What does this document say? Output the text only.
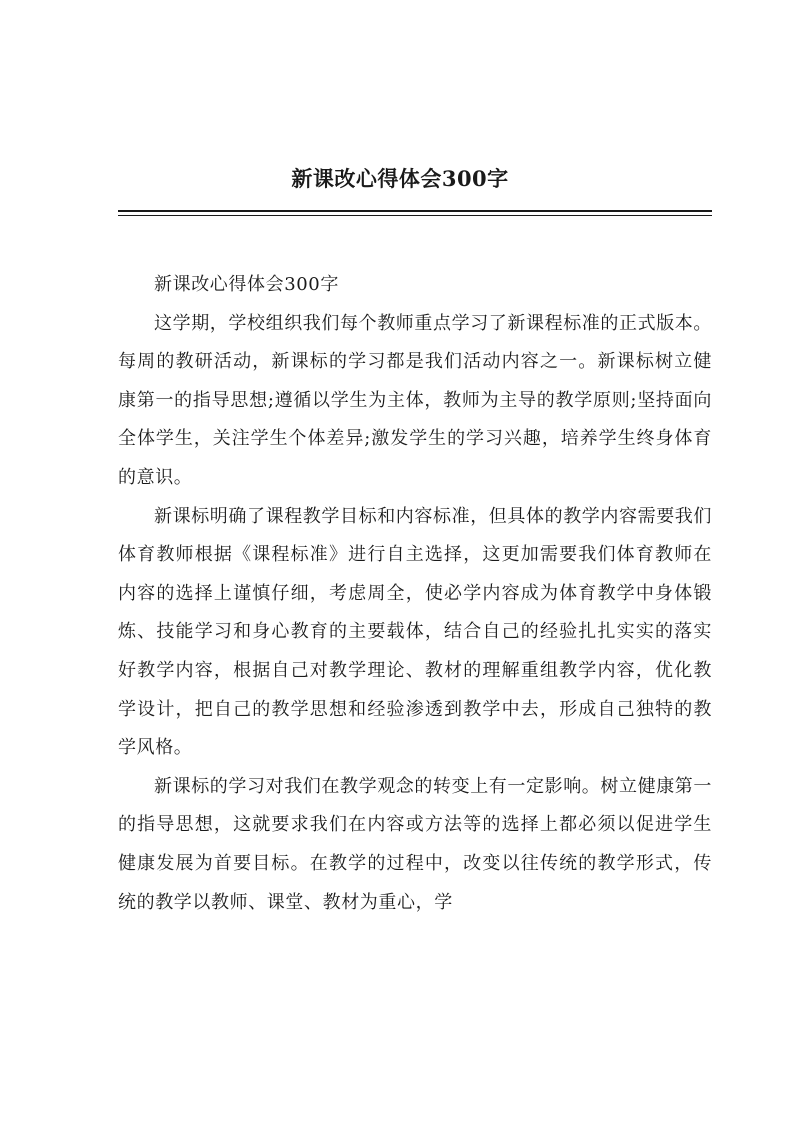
新课改心得体会300字

新课改心得体会300字

这学期，学校组织我们每个教师重点学习了新课程标准的正式版本。每周的教研活动，新课标的学习都是我们活动内容之一。新课标树立健康第一的指导思想;遵循以学生为主体，教师为主导的教学原则;坚持面向全体学生，关注学生个体差异;激发学生的学习兴趣，培养学生终身体育的意识。

新课标明确了课程教学目标和内容标准，但具体的教学内容需要我们体育教师根据《课程标准》进行自主选择，这更加需要我们体育教师在内容的选择上谨慎仔细，考虑周全，使必学内容成为体育教学中身体锻炼、技能学习和身心教育的主要载体，结合自己的经验扎扎实实的落实好教学内容，根据自己对教学理论、教材的理解重组教学内容，优化教学设计，把自己的教学思想和经验渗透到教学中去，形成自己独特的教学风格。

新课标的学习对我们在教学观念的转变上有一定影响。树立健康第一的指导思想，这就要求我们在内容或方法等的选择上都必须以促进学生健康发展为首要目标。在教学的过程中，改变以往传统的教学形式，传统的教学以教师、课堂、教材为重心，学
